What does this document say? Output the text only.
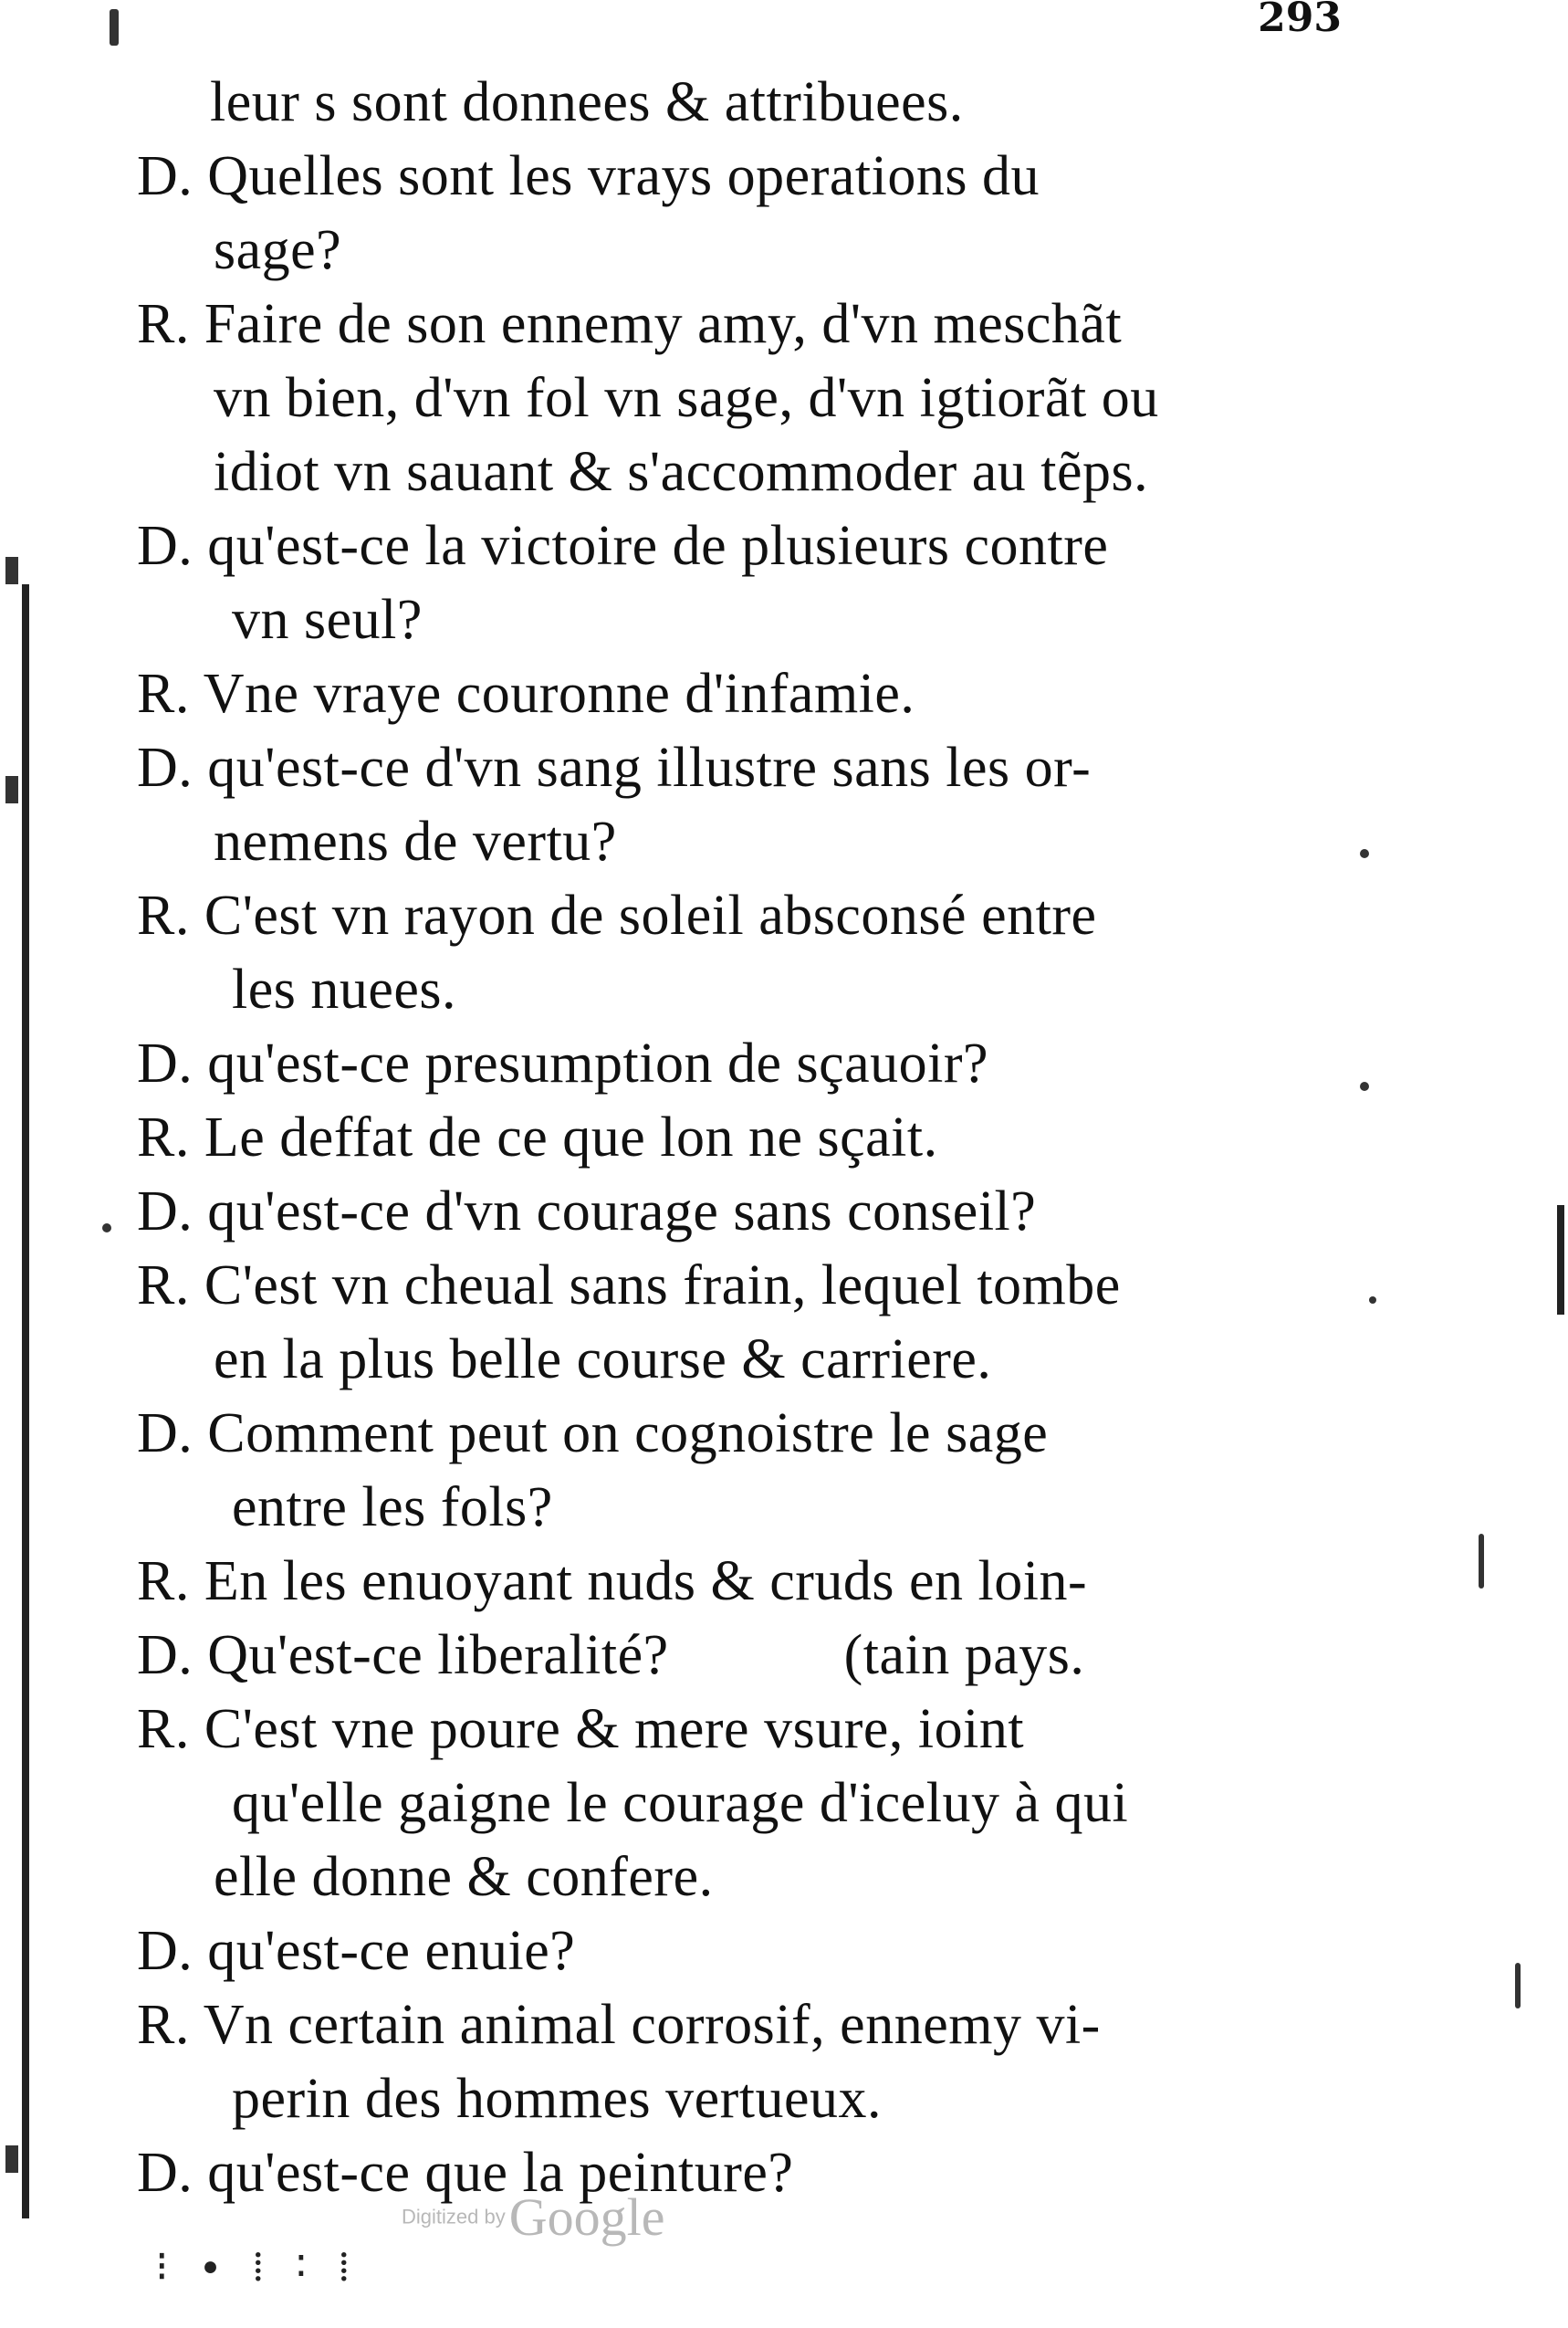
293
leur s sont donnees & attribuees.
D. Quelles sont les vrays operations du
sage?
R. Faire de son ennemy amy, d'vn meschãt
vn bien, d'vn fol vn sage, d'vn igtiorãt ou
idiot vn sauant & s'accommoder au tẽps.
D. qu'est-ce la victoire de plusieurs contre
vn seul?
R. Vne vraye couronne d'infamie.
D. qu'est-ce d'vn sang illustre sans les or-
nemens de vertu?
R. C'est vn rayon de soleil absconsé entre
les nuees.
D. qu'est-ce presumption de sçauoir?
R. Le deffat de ce que lon ne sçait.
D. qu'est-ce d'vn courage sans conseil?
R. C'est vn cheual sans frain, lequel tombe
en la plus belle course & carriere.
D. Comment peut on cognoistre le sage
entre les fols?
R. En les enuoyant nuds & cruds en loin-
D. Qu'est-ce liberalité?            (tain pays.
R. C'est vne poure & mere vsure, ioint
qu'elle gaigne le courage d'iceluy à qui
elle donne & confere.
D. qu'est-ce enuie?
R. Vn certain animal corrosif, ennemy vi-
perin des hommes vertueux.
D. qu'est-ce que la peinture?
Digitized by Google
⁝ ∙ ⁞ ∶ ⁞
